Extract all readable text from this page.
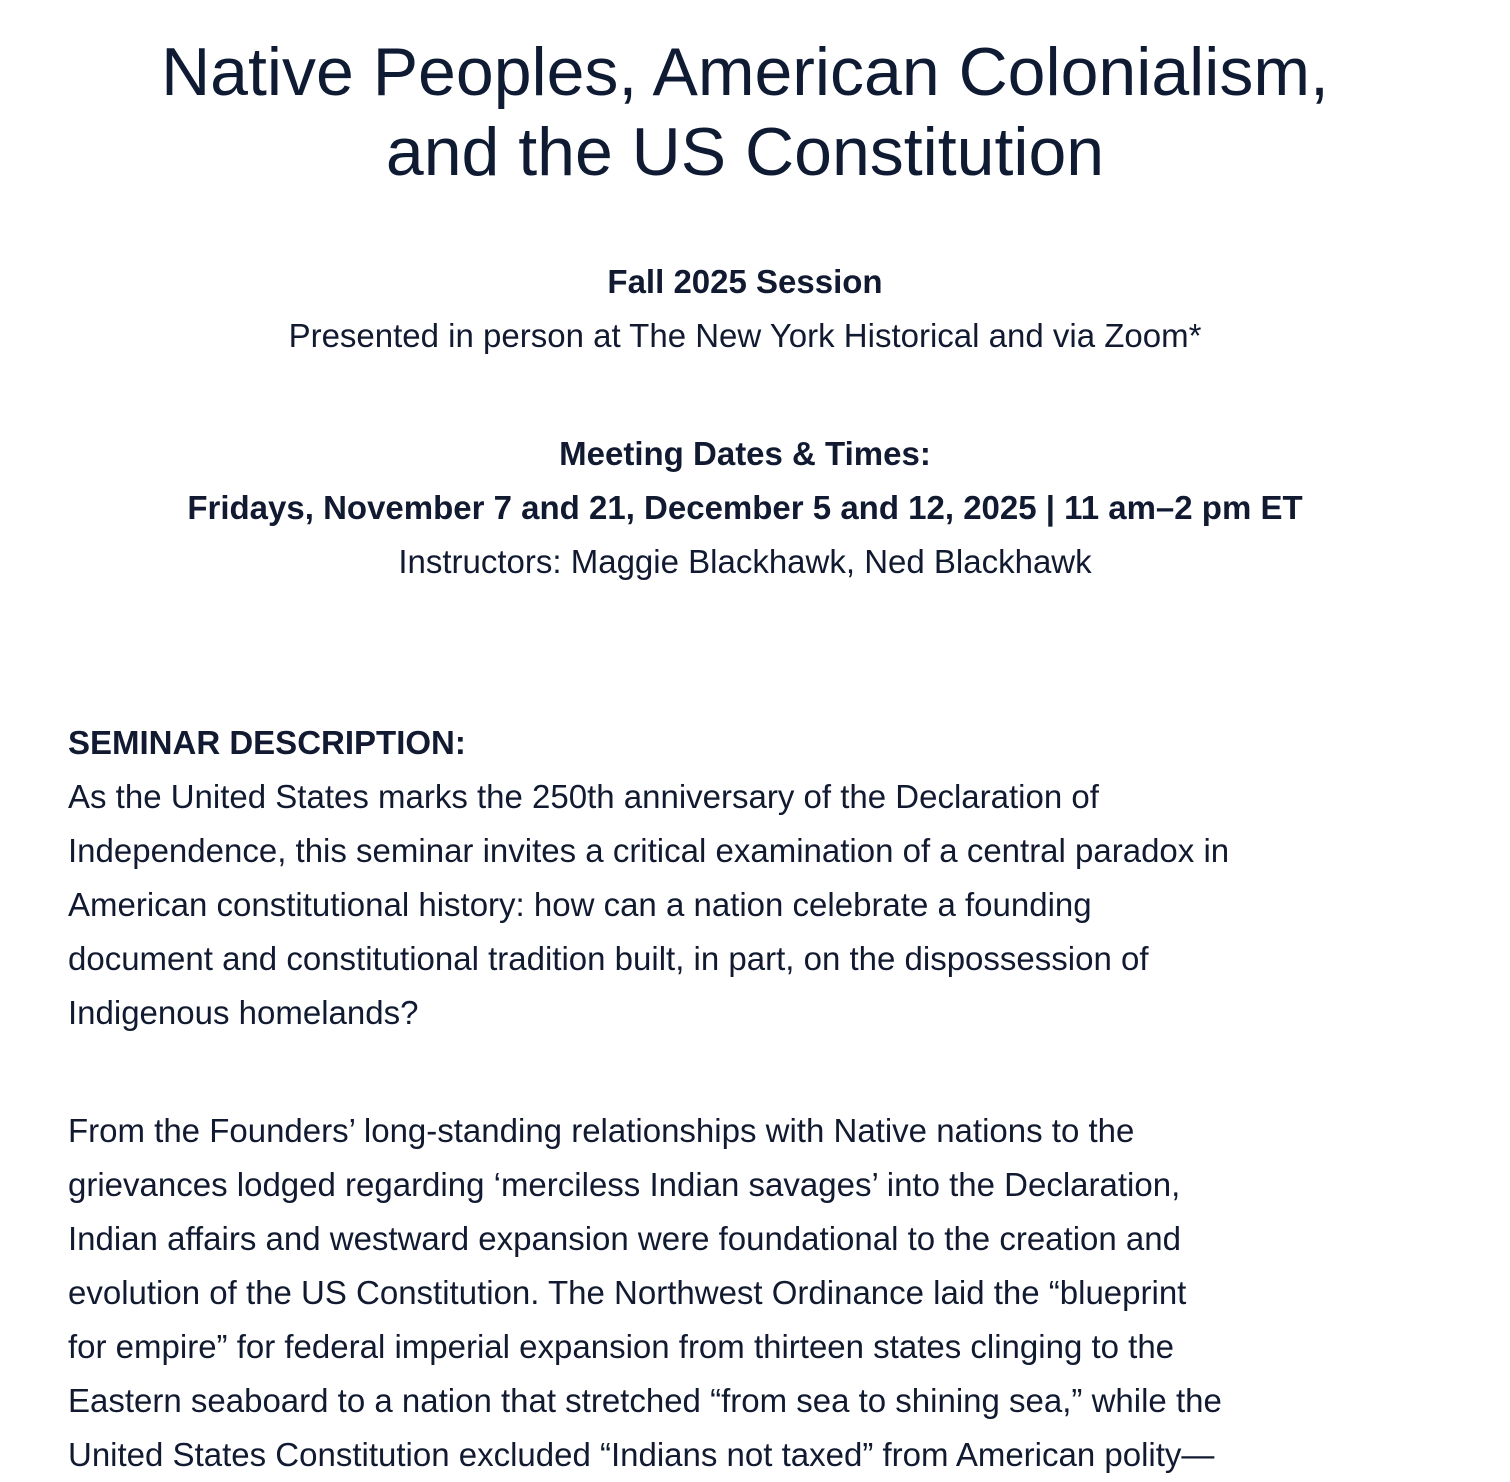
Native Peoples, American Colonialism,
and the US Constitution
Fall 2025 Session
Presented in person at The New York Historical and via Zoom*
Meeting Dates & Times:
Fridays, November 7 and 21, December 5 and 12, 2025 | 11 am–2 pm ET
Instructors: Maggie Blackhawk, Ned Blackhawk
SEMINAR DESCRIPTION:
As the United States marks the 250th anniversary of the Declaration of
Independence, this seminar invites a critical examination of a central paradox in
American constitutional history: how can a nation celebrate a founding
document and constitutional tradition built, in part, on the dispossession of
Indigenous homelands?
From the Founders’ long-standing relationships with Native nations to the
grievances lodged regarding ‘merciless Indian savages’ into the Declaration,
Indian affairs and westward expansion were foundational to the creation and
evolution of the US Constitution. The Northwest Ordinance laid the “blueprint
for empire” for federal imperial expansion from thirteen states clinging to the
Eastern seaboard to a nation that stretched “from sea to shining sea,” while the
United States Constitution excluded “Indians not taxed” from American polity—
